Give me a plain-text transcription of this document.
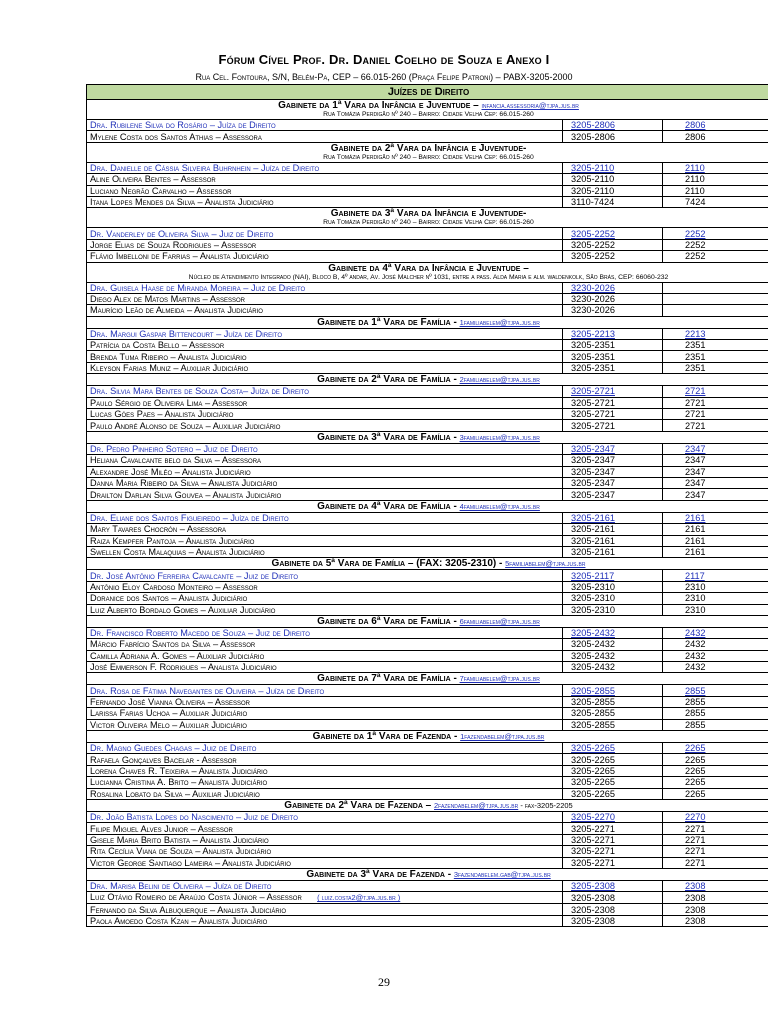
Fórum Cível Prof. Dr. Daniel Coelho de Souza e Anexo I
Rua Cel. Fontoura, S/N, Belém-Pa, CEP – 66.015-260 (Praça Felipe Patroni) – PABX-3205-2000
Juízes de Direito		

Gabinete da 1ª Vara da Infância e Juventude – infancia.assessoria@tjpa.jus.br
Rua Tomázia Perdigão nº 240 – Bairro: Cidade Velha Cep: 66.015-260		

Dra. Rubilene Silva do Rosário – Juíza de Direito	3205-2806	2806
Mylene Costa dos Santos Athias – Assessora	3205-2806	2806

Gabinete da 2ª Vara da Infância e Juventude-
Rua Tomázia Perdigão nº 240 – Bairro: Cidade Velha Cep: 66.015-260		

Dra. Danielle de Cássia Silveira Buhrnhein – Juíza de Direito	3205-2110	2110
Aline Oliveira Bentes – Assessor	3205-2110	2110
Luciano Negrão Carvalho – Assessor	3205-2110	2110
Itana Lopes Mendes da Silva – Analista Judiciário	3110-7424	7424

Gabinete da 3ª Vara da Infância e Juventude-
Rua Tomázia Perdigão nº 240 – Bairro: Cidade Velha Cep: 66.015-260		

Dr. Vanderley de Oliveira Silva – Juiz de Direito	3205-2252	2252
Jorge Elias de Souza Rodrigues – Assessor	3205-2252	2252
Flávio Imbelloni de Farrias – Analista Judiciário	3205-2252	2252

Gabinete da 4ª Vara da Infância e Juventude –
Núcleo de Atendimento Integrado (NAI), Bloco B, 4º andar, Av. José Malcher nº 1031, entre a pass. Alda Maria e alm. waldenkolk, São Brás, CEP: 66060-232		

Dra. Guisela Haase de Miranda Moreira – Juiz de Direito	3230-2026	
Diego Alex de Matos Martins – Assessor	3230-2026	
Maurício Leão de Almeida – Analista Judiciário	3230-2026	

Gabinete da 1ª Vara de Família - 1familiabelem@tjpa.jus.br		

Dra. Margui Gaspar Bittencourt – Juíza de Direito	3205-2213	2213
Patrícia da Costa Bello – Assessor	3205-2351	2351
Brenda Tuma Ribeiro – Analista Judiciário	3205-2351	2351
Kleyson Farias Muniz – Auxiliar Judiciário	3205-2351	2351

Gabinete da 2ª Vara de Família - 2familiabelem@tjpa.jus.br		

Dra. Silvia Mara Bentes de Souza Costa– Juíza de Direito	3205-2721	2721
Paulo Sérgio de Oliveira Lima – Assessor	3205-2721	2721
Lucas Góes Paes – Analista Judiciário	3205-2721	2721
Paulo André Alonso de Souza – Auxiliar Judiciário	3205-2721	2721

Gabinete da 3ª Vara de Família - 3familiabelem@tjpa.jus.br		

Dr. Pedro Pinheiro Sotero – Juiz de Direito	3205-2347	2347
Heliana Cavalcante belo da Silva – Assessora	3205-2347	2347
Alexandre José Miléo – Analista Judiciário	3205-2347	2347
Danna Maria Ribeiro da Silva – Analista Judiciário	3205-2347	2347
Drailton Darlan Silva Gouvea – Analista Judiciário	3205-2347	2347

Gabinete da 4ª Vara de Família - 4familiabelem@tjpa.jus.br		

Dra. Eliane dos Santos Figueiredo – Juíza de Direito	3205-2161	2161
Mary Tavares Chocrón – Assessora	3205-2161	2161
Raiza Kempfer Pantoja – Analista Judiciário	3205-2161	2161
Swellen Costa Malaquias – Analista Judiciário	3205-2161	2161

Gabinete da 5ª Vara de Família – (FAX: 3205-2310) - 5familiabelem@tjpa.jus.br		

Dr. José Antônio Ferreira Cavalcante – Juiz de Direito	3205-2117	2117
Antônio Eloy Cardoso Monteiro – Assessor	3205-2310	2310
Doranice dos Santos – Analista Judiciário	3205-2310	2310
Luiz Alberto Bordalo Gomes – Auxiliar Judiciário	3205-2310	2310

Gabinete da 6ª Vara de Família - 6familiabelem@tjpa.jus.br		

Dr. Francisco Roberto Macedo de Souza – Juiz de Direito	3205-2432	2432
Márcio Fabrício Santos da Silva – Assessor	3205-2432	2432
Camilla Adriana A. Gomes – Auxiliar Judiciário	3205-2432	2432
José Emmerson F. Rodrigues – Analista Judiciário	3205-2432	2432

Gabinete da 7ª Vara de Família - 7familiabelem@tjpa.jus.br		

Dra. Rosa de Fátima Navegantes de Oliveira – Juíza de Direito	3205-2855	2855
Fernando José Vianna Oliveira – Assessor	3205-2855	2855
Larissa Farias Uchoa – Auxiliar Judiciário	3205-2855	2855
Victor Oliveira Melo – Auxiliar Judiciário	3205-2855	2855

Gabinete da 1ª Vara de Fazenda - 1fazendabelem@tjpa.jus.br		

Dr. Magno Guedes Chagas – Juiz de Direito	3205-2265	2265
Rafaela Gonçalves Bacelar - Assessor	3205-2265	2265
Lorena Chaves R. Teixeira – Analista Judiciário	3205-2265	2265
Lucianna Cristina A. Brito – Analista Judiciário	3205-2265	2265
Rosalina Lobato da Silva – Auxiliar Judiciário	3205-2265	2265

Gabinete da 2ª Vara de Fazenda – 2fazendabelem@tjpa.jus.br - fax-3205-2205		

Dr. João Batista Lopes do Nascimento – Juiz de Direito	3205-2270	2270
Filipe Miguel Alves Junior – Assessor	3205-2271	2271
Gisele Maria Brito Batista – Analista Judiciário	3205-2271	2271
Rita Cecília Viana de Souza – Analista Judiciário	3205-2271	2271
Victor George Santiago Lameira – Analista Judiciário	3205-2271	2271

Gabinete da 3ª Vara de Fazenda - 3fazendabelem.gab@tjpa.jus.br		

Dra. Marisa Belini de Oliveira – Juíza de Direito	3205-2308	2308
Luiz Otávio Romeiro de Araújo Costa Júnior – Assessor ( luiz.costa2@tjpa.jus.br )	3205-2308	2308
Fernando da Silva Albuquerque – Analista Judiciário	3205-2308	2308
Paola Amoedo Costa Kzan – Analista Judiciário	3205-2308	2308
29
